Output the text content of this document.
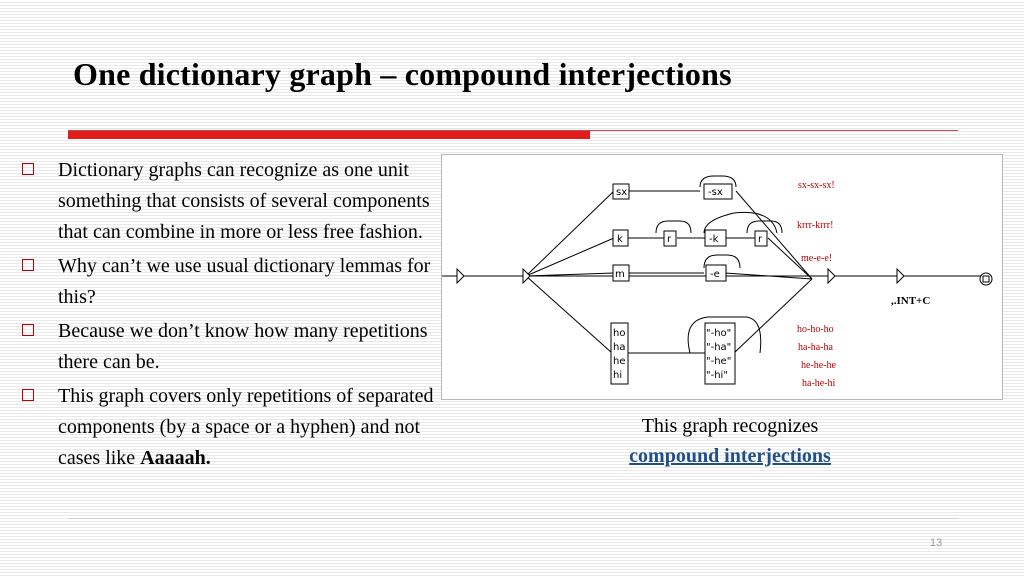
One dictionary graph – compound interjections
Dictionary graphs can recognize as one unit something that consists of several components that can combine in more or less free fashion.
Why can’t we use usual dictionary lemmas for this?
Because we don’t know how many repetitions there can be.
This graph covers only repetitions of separated components (by a space or a hyphen) and not cases like Aaaaah.
sx	-sx
k	r	-k	r
m	-e
ho
ha
he
hi
"-ho"
"-ha"
"-he"
"-hi"
,.INT+C
sx-sx-sx!
krrr-krrr!
me-e-e!
ho-ho-ho
ha-ha-ha
he-he-he
ha-he-hi
This graph recognizes
compound interjections
13
